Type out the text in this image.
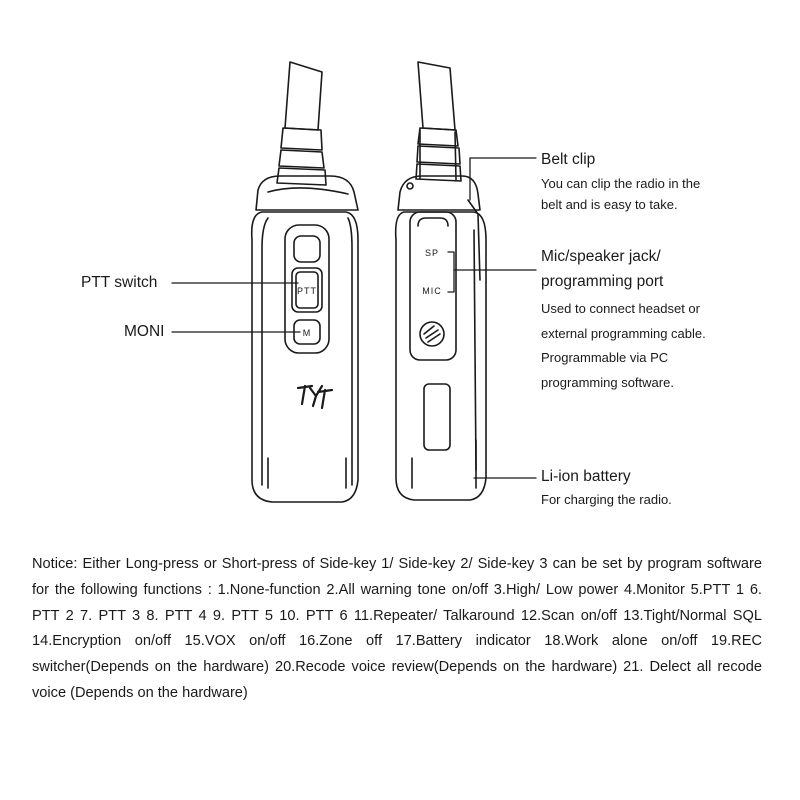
PTT
M
SP
MIC
PTT switch
MONI
Belt clip
You can clip the radio in the
belt and is easy to take.
Mic/speaker jack/
programming port
Used to connect headset or
external programming cable.
Programmable via PC
programming software.
Li-ion battery
For charging the radio.

Notice: Either Long-press or Short-press of Side-key 1/ Side-key 2/ Side-key 3 can be set by program software for the following functions : 1.None-function 2.All warning tone on/off 3.High/ Low power 4.Monitor 5.PTT 1 6. PTT 2 7. PTT 3 8. PTT 4 9. PTT 5 10. PTT 6 11.Repeater/ Talkaround 12.Scan on/off 13.Tight/Normal SQL 14.Encryption on/off 15.VOX on/off 16.Zone off 17.Battery indicator 18.Work alone on/off 19.REC switcher(Depends on the hardware) 20.Recode voice review(Depends on the hardware) 21. Delect all recode voice (Depends on the hardware)
